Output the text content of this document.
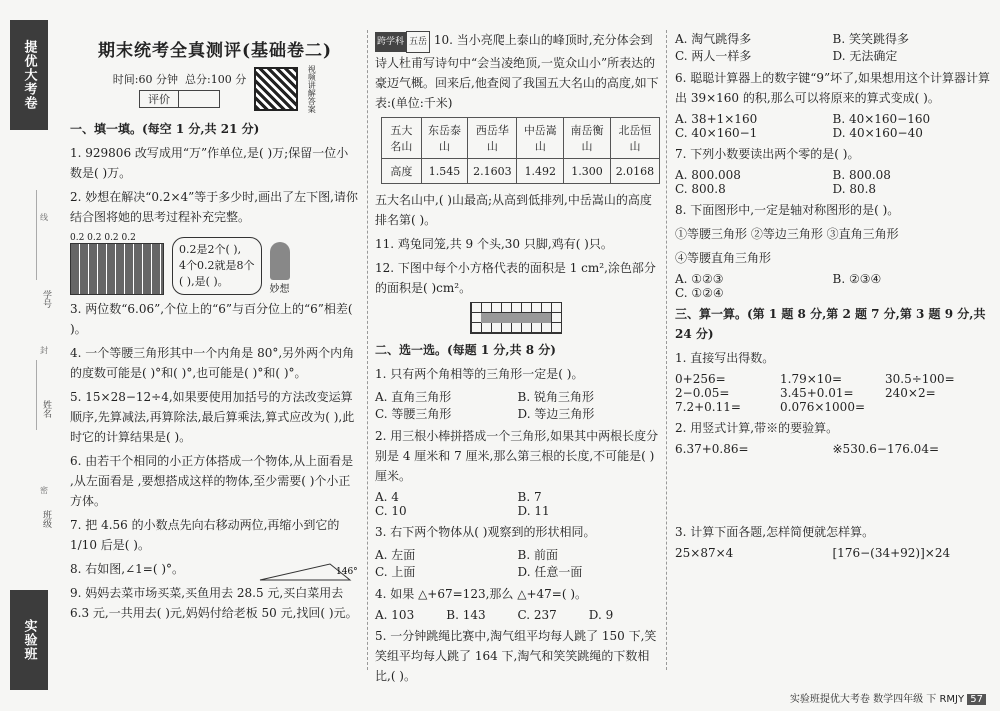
提优大考卷
学号
姓名
班级
线
封
密
实验班
期末统考全真测评(基础卷二)
时间:60 分钟 总分:100 分
评价	视频讲解答案

一、填一填。(每空 1 分,共 21 分)

1. 929806 改写成用“万”作单位,是( )万;保留一位小数是( )万。

2. 妙想在解决“0.2×4”等于多少时,画出了左下图,请你结合图将她的思考过程补充完整。

0.2 0.2 0.2 0.2
0.2是2个( ),
4个0.2就是8个
( ),是( )。
妙想

3. 两位数“6.06”,个位上的“6”与百分位上的“6”相差( )。

4. 一个等腰三角形其中一个内角是 80°,另外两个内角的度数可能是( )°和( )°,也可能是( )°和( )°。

5. 15×28−12÷4,如果要使用加括号的方法改变运算顺序,先算减法,再算除法,最后算乘法,算式应改为( ),此时它的计算结果是( )。

6. 由若干个相同的小正方体搭成一个物体,从上面看是 ,从左面看是 ,要想搭成这样的物体,至少需要( )个小正方体。

7. 把 4.56 的小数点先向右移动两位,再缩小到它的 1/10 后是( )。

8. 右如图,∠1=( )°。	146°

9. 妈妈去菜市场买菜,买鱼用去 28.5 元,买白菜用去 6.3 元,一共用去( )元,妈妈付给老板 50 元,找回( )元。

跨学科 五岳 10. 当小亮爬上泰山的峰顶时,充分体会到诗人杜甫写诗句中“会当凌绝顶,一览众山小”所表达的豪迈气概。回来后,他查阅了我国五大名山的高度,如下表:(单位:千米)

五大名山	东岳泰山	西岳华山	中岳嵩山	南岳衡山	北岳恒山
高度	1.545	2.1603	1.492	1.300	2.0168

五大名山中,( )山最高;从高到低排列,中岳嵩山的高度排名第( )。

11. 鸡兔同笼,共 9 个头,30 只脚,鸡有( )只。

12. 下图中每个小方格代表的面积是 1 cm²,涂色部分的面积是( )cm²。

二、选一选。(每题 1 分,共 8 分)

1. 只有两个角相等的三角形一定是( )。

A. 直角三角形	B. 锐角三角形
C. 等腰三角形	D. 等边三角形

2. 用三根小棒拼搭成一个三角形,如果其中两根长度分别是 4 厘米和 7 厘米,那么第三根的长度,不可能是( )厘米。

A. 4	B. 7
C. 10	D. 11

3. 右下两个物体从( )观察到的形状相同。

A. 左面	B. 前面
C. 上面	D. 任意一面

4. 如果 △+67=123,那么 △+47=( )。

A. 103	B. 143	C. 237	D. 9

5. 一分钟跳绳比赛中,淘气组平均每人跳了 150 下,笑笑组平均每人跳了 164 下,淘气和笑笑跳绳的下数相比,( )。

A. 淘气跳得多	B. 笑笑跳得多
C. 两人一样多	D. 无法确定

6. 聪聪计算器上的数字键“9”坏了,如果想用这个计算器计算出 39×160 的积,那么可以将原来的算式变成( )。

A. 38+1×160	B. 40×160−160
C. 40×160−1	D. 40×160−40

7. 下列小数要读出两个零的是( )。

A. 800.008	B. 800.08
C. 800.8	D. 80.8

8. 下面图形中,一定是轴对称图形的是( )。

①等腰三角形 ②等边三角形 ③直角三角形

④等腰直角三角形

A. ①②③	B. ②③④
C. ①②④

三、算一算。(第 1 题 8 分,第 2 题 7 分,第 3 题 9 分,共 24 分)

1. 直接写出得数。

0+256=	1.79×10=	30.5÷100=
2−0.05=	3.45+0.01=	240×2=
7.2+0.11=	0.076×1000=

2. 用竖式计算,带※的要验算。

6.37+0.86=	※530.6−176.04=

3. 计算下面各题,怎样简便就怎样算。

25×87×4	[176−(34+92)]×24
实验班提优大考卷 数学四年级 下 RMJY 57
